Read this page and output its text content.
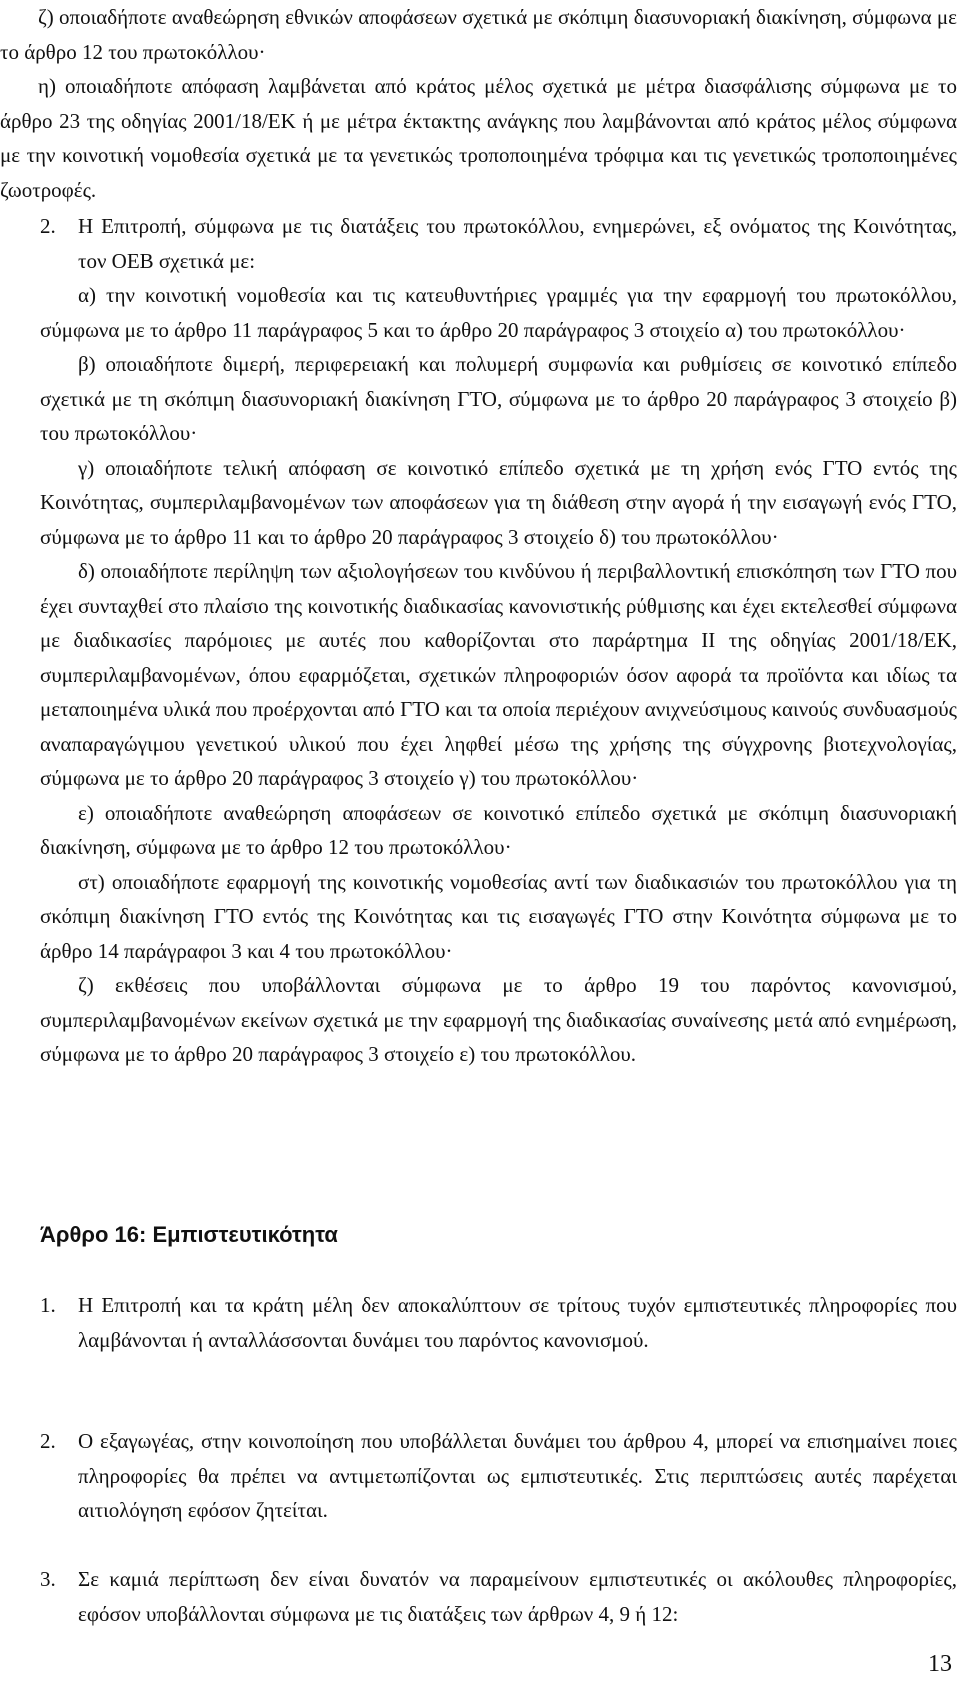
ζ) οποιαδήποτε αναθεώρηση εθνικών αποφάσεων σχετικά με σκόπιμη διασυνοριακή διακίνηση, σύμφωνα με το άρθρο 12 του πρωτοκόλλου·

η) οποιαδήποτε απόφαση λαμβάνεται από κράτος μέλος σχετικά με μέτρα διασφάλισης σύμφωνα με το άρθρο 23 της οδηγίας 2001/18/ΕΚ ή με μέτρα έκτακτης ανάγκης που λαμβάνονται από κράτος μέλος σύμφωνα με την κοινοτική νομοθεσία σχετικά με τα γενετικώς τροποποιημένα τρόφιμα και τις γενετικώς τροποποιημένες ζωοτροφές.

2. Η Επιτροπή, σύμφωνα με τις διατάξεις του πρωτοκόλλου, ενημερώνει, εξ ονόματος της Κοινότητας, τον ΟΕΒ σχετικά με:

α) την κοινοτική νομοθεσία και τις κατευθυντήριες γραμμές για την εφαρμογή του πρωτοκόλλου, σύμφωνα με το άρθρο 11 παράγραφος 5 και το άρθρο 20 παράγραφος 3 στοιχείο α) του πρωτοκόλλου·

β) οποιαδήποτε διμερή, περιφερειακή και πολυμερή συμφωνία και ρυθμίσεις σε κοινοτικό επίπεδο σχετικά με τη σκόπιμη διασυνοριακή διακίνηση ΓΤΟ, σύμφωνα με το άρθρο 20 παράγραφος 3 στοιχείο β) του πρωτοκόλλου·

γ) οποιαδήποτε τελική απόφαση σε κοινοτικό επίπεδο σχετικά με τη χρήση ενός ΓΤΟ εντός της Κοινότητας, συμπεριλαμβανομένων των αποφάσεων για τη διάθεση στην αγορά ή την εισαγωγή ενός ΓΤΟ, σύμφωνα με το άρθρο 11 και το άρθρο 20 παράγραφος 3 στοιχείο δ) του πρωτοκόλλου·

δ) οποιαδήποτε περίληψη των αξιολογήσεων του κινδύνου ή περιβαλλοντική επισκόπηση των ΓΤΟ που έχει συνταχθεί στο πλαίσιο της κοινοτικής διαδικασίας κανονιστικής ρύθμισης και έχει εκτελεσθεί σύμφωνα με διαδικασίες παρόμοιες με αυτές που καθορίζονται στο παράρτημα ΙΙ της οδηγίας 2001/18/ΕΚ, συμπεριλαμβανομένων, όπου εφαρμόζεται, σχετικών πληροφοριών όσον αφορά τα προϊόντα και ιδίως τα μεταποιημένα υλικά που προέρχονται από ΓΤΟ και τα οποία περιέχουν ανιχνεύσιμους καινούς συνδυασμούς αναπαραγώγιμου γενετικού υλικού που έχει ληφθεί μέσω της χρήσης της σύγχρονης βιοτεχνολογίας, σύμφωνα με το άρθρο 20 παράγραφος 3 στοιχείο γ) του πρωτοκόλλου·

ε) οποιαδήποτε αναθεώρηση αποφάσεων σε κοινοτικό επίπεδο σχετικά με σκόπιμη διασυνοριακή διακίνηση, σύμφωνα με το άρθρο 12 του πρωτοκόλλου·

στ) οποιαδήποτε εφαρμογή της κοινοτικής νομοθεσίας αντί των διαδικασιών του πρωτοκόλλου για τη σκόπιμη διακίνηση ΓΤΟ εντός της Κοινότητας και τις εισαγωγές ΓΤΟ στην Κοινότητα σύμφωνα με το άρθρο 14 παράγραφοι 3 και 4 του πρωτοκόλλου·

ζ) εκθέσεις που υποβάλλονται σύμφωνα με το άρθρο 19 του παρόντος κανονισμού, συμπεριλαμβανομένων εκείνων σχετικά με την εφαρμογή της διαδικασίας συναίνεσης μετά από ενημέρωση, σύμφωνα με το άρθρο 20 παράγραφος 3 στοιχείο ε) του πρωτοκόλλου.

Άρθρο 16: Εμπιστευτικότητα
1. Η Επιτροπή και τα κράτη μέλη δεν αποκαλύπτουν σε τρίτους τυχόν εμπιστευτικές πληροφορίες που λαμβάνονται ή ανταλλάσσονται δυνάμει του παρόντος κανονισμού.

2. Ο εξαγωγέας, στην κοινοποίηση που υποβάλλεται δυνάμει του άρθρου 4, μπορεί να επισημαίνει ποιες πληροφορίες θα πρέπει να αντιμετωπίζονται ως εμπιστευτικές. Στις περιπτώσεις αυτές παρέχεται αιτιολόγηση εφόσον ζητείται.

3. Σε καμιά περίπτωση δεν είναι δυνατόν να παραμείνουν εμπιστευτικές οι ακόλουθες πληροφορίες, εφόσον υποβάλλονται σύμφωνα με τις διατάξεις των άρθρων 4, 9 ή 12:

13
